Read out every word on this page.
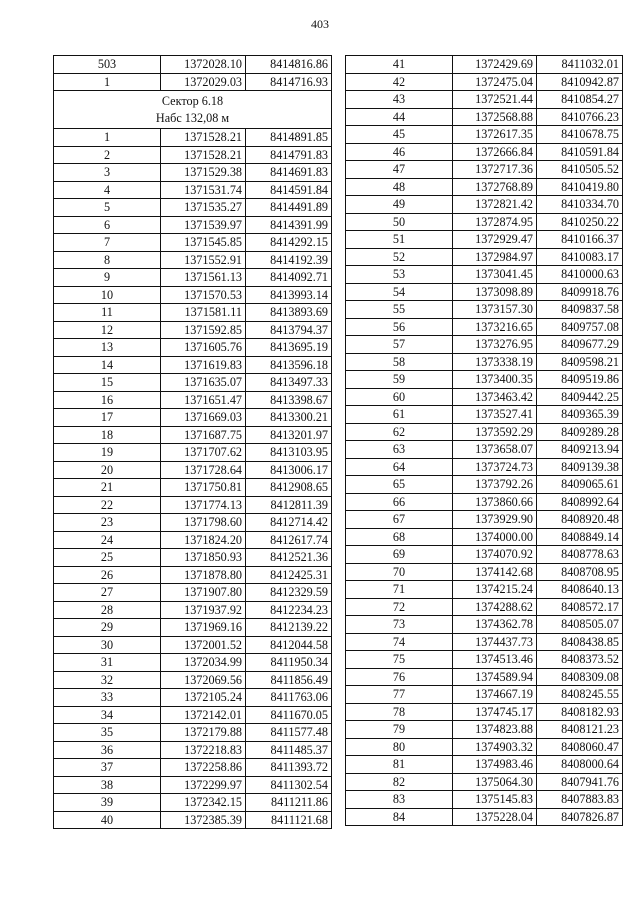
403
503	1372028.10	8414816.86
1	1372029.03	8414716.93

Сектор 6.18
Набс 132,08 м		

1	1371528.21	8414891.85
2	1371528.21	8414791.83
3	1371529.38	8414691.83
4	1371531.74	8414591.84
5	1371535.27	8414491.89
6	1371539.97	8414391.99
7	1371545.85	8414292.15
8	1371552.91	8414192.39
9	1371561.13	8414092.71
10	1371570.53	8413993.14
11	1371581.11	8413893.69
12	1371592.85	8413794.37
13	1371605.76	8413695.19
14	1371619.83	8413596.18
15	1371635.07	8413497.33
16	1371651.47	8413398.67
17	1371669.03	8413300.21
18	1371687.75	8413201.97
19	1371707.62	8413103.95
20	1371728.64	8413006.17
21	1371750.81	8412908.65
22	1371774.13	8412811.39
23	1371798.60	8412714.42
24	1371824.20	8412617.74
25	1371850.93	8412521.36
26	1371878.80	8412425.31
27	1371907.80	8412329.59
28	1371937.92	8412234.23
29	1371969.16	8412139.22
30	1372001.52	8412044.58
31	1372034.99	8411950.34
32	1372069.56	8411856.49
33	1372105.24	8411763.06
34	1372142.01	8411670.05
35	1372179.88	8411577.48
36	1372218.83	8411485.37
37	1372258.86	8411393.72
38	1372299.97	8411302.54
39	1372342.15	8411211.86
40	1372385.39	8411121.68
41	1372429.69	8411032.01
42	1372475.04	8410942.87
43	1372521.44	8410854.27
44	1372568.88	8410766.23
45	1372617.35	8410678.75
46	1372666.84	8410591.84
47	1372717.36	8410505.52
48	1372768.89	8410419.80
49	1372821.42	8410334.70
50	1372874.95	8410250.22
51	1372929.47	8410166.37
52	1372984.97	8410083.17
53	1373041.45	8410000.63
54	1373098.89	8409918.76
55	1373157.30	8409837.58
56	1373216.65	8409757.08
57	1373276.95	8409677.29
58	1373338.19	8409598.21
59	1373400.35	8409519.86
60	1373463.42	8409442.25
61	1373527.41	8409365.39
62	1373592.29	8409289.28
63	1373658.07	8409213.94
64	1373724.73	8409139.38
65	1373792.26	8409065.61
66	1373860.66	8408992.64
67	1373929.90	8408920.48
68	1374000.00	8408849.14
69	1374070.92	8408778.63
70	1374142.68	8408708.95
71	1374215.24	8408640.13
72	1374288.62	8408572.17
73	1374362.78	8408505.07
74	1374437.73	8408438.85
75	1374513.46	8408373.52
76	1374589.94	8408309.08
77	1374667.19	8408245.55
78	1374745.17	8408182.93
79	1374823.88	8408121.23
80	1374903.32	8408060.47
81	1374983.46	8408000.64
82	1375064.30	8407941.76
83	1375145.83	8407883.83
84	1375228.04	8407826.87
